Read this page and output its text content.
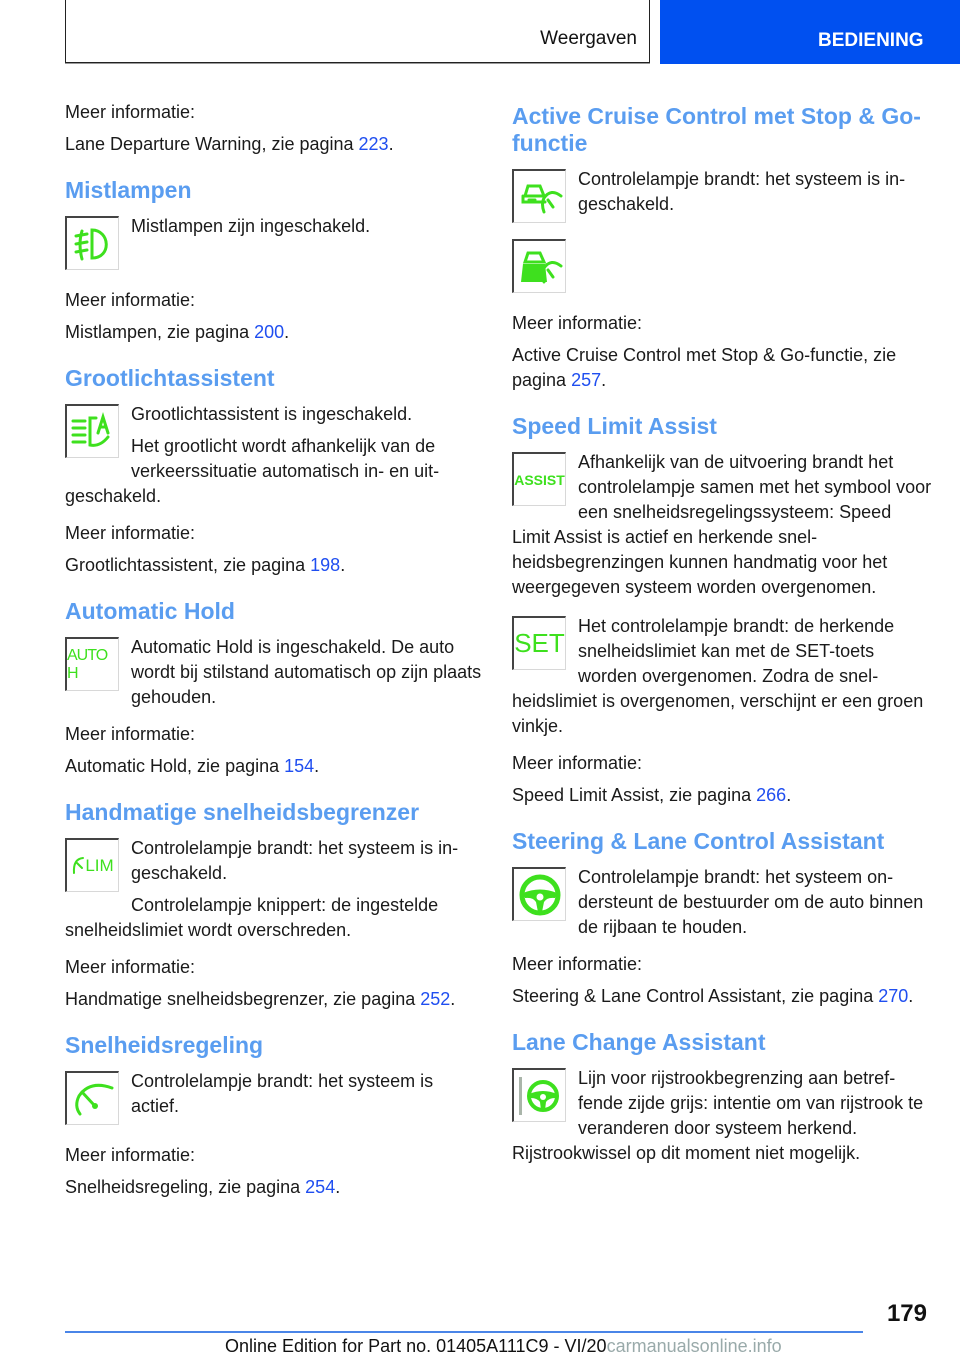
Weergaven	BEDIENING

Meer informatie:

Lane Departure Warning, zie pagina 223.

Mistlampen

Mistlampen zijn ingeschakeld.

Meer informatie:

Mistlampen, zie pagina 200.

Grootlichtassistent

Grootlichtassistent is ingeschakeld.

Het grootlicht wordt afhankelijk van de verkeerssituatie automatisch in- en uitgeschakeld.

Meer informatie:

Grootlichtassistent, zie pagina 198.

Automatic Hold
AUTO H

Automatic Hold is ingeschakeld. De auto wordt bij stilstand automatisch op zijn plaats gehouden.

Meer informatie:

Automatic Hold, zie pagina 154.

Handmatige snelheidsbegrenzer
LIM

Controlelampje brandt: het systeem is ingeschakeld.

Controlelampje knippert: de ingestelde snelheidslimiet wordt overschreden.

Meer informatie:

Handmatige snelheidsbegrenzer, zie pagina 252.

Snelheidsregeling

Controlelampje brandt: het systeem is actief.

Meer informatie:

Snelheidsregeling, zie pagina 254.

Active Cruise Control met Stop & Go-functie

Controlelampje brandt: het systeem is ingeschakeld.

Meer informatie:

Active Cruise Control met Stop & Go-functie, zie pagina 257.

Speed Limit Assist
ASSIST

Afhankelijk van de uitvoering brandt het controlelampje samen met het symbool voor een snelheidsregelingssysteem: Speed Limit Assist is actief en herkende snelheidsbegrenzingen kunnen handmatig voor het weergegeven systeem worden overgenomen.

SET

Het controlelampje brandt: de herkende snelheidslimiet kan met de SET-toets worden overgenomen. Zodra de snelheidslimiet is overgenomen, verschijnt er een groen vinkje.

Meer informatie:

Speed Limit Assist, zie pagina 266.

Steering & Lane Control Assistant

Controlelampje brandt: het systeem ondersteunt de bestuurder om de auto binnen de rijbaan te houden.

Meer informatie:

Steering & Lane Control Assistant, zie pagina 270.

Lane Change Assistant

Lijn voor rijstrookbegrenzing aan betreffende zijde grijs: intentie om van rijstrook te veranderen door systeem herkend. Rijstrookwissel op dit moment niet mogelijk.

179
Online Edition for Part no. 01405A111C9 - VI/20carmanualsonline.info
